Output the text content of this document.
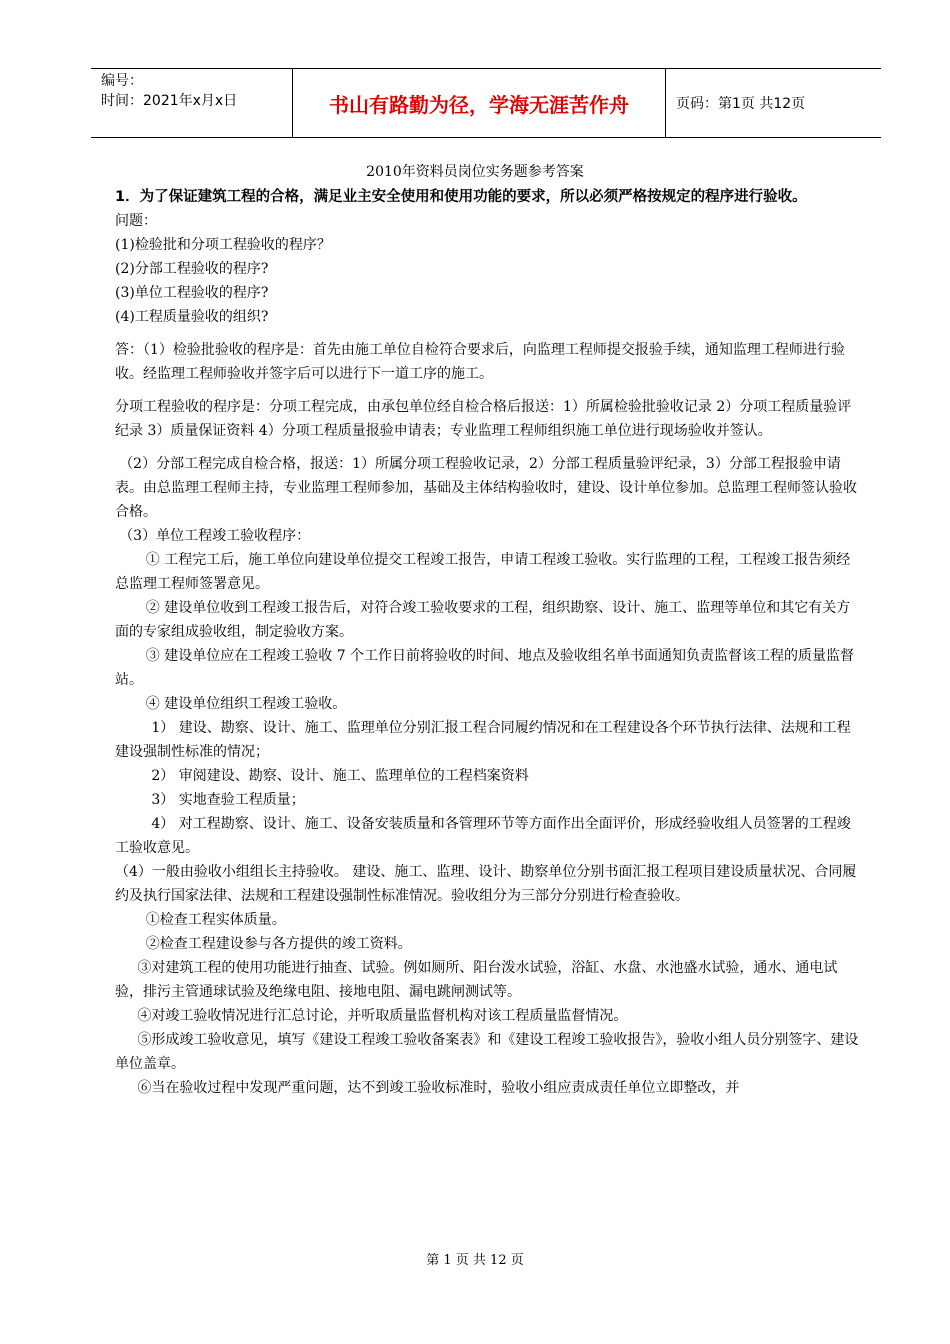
编号：
时间：2021年x月x日	书山有路勤为径，学海无涯苦作舟	页码：第1页 共12页
2010年资料员岗位实务题参考答案

1．为了保证建筑工程的合格，满足业主安全使用和使用功能的要求，所以必须严格按规定的程序进行验收。

问题：

(1)检验批和分项工程验收的程序？

(2)分部工程验收的程序?

(3)单位工程验收的程序?

(4)工程质量验收的组织?

答：（1）检验批验收的程序是：首先由施工单位自检符合要求后，向监理工程师提交报验手续，通知监理工程师进行验收。经监理工程师验收并签字后可以进行下一道工序的施工。

分项工程验收的程序是：分项工程完成，由承包单位经自检合格后报送：1）所属检验批验收记录 2）分项工程质量验评纪录 3）质量保证资料 4）分项工程质量报验申请表；专业监理工程师组织施工单位进行现场验收并签认。

（2）分部工程完成自检合格，报送：1）所属分项工程验收记录，2）分部工程质量验评纪录，3）分部工程报验申请表。由总监理工程师主持，专业监理工程师参加，基础及主体结构验收时，建设、设计单位参加。总监理工程师签认验收合格。

（3）单位工程竣工验收程序：

① 工程完工后，施工单位向建设单位提交工程竣工报告，申请工程竣工验收。实行监理的工程，工程竣工报告须经总监理工程师签署意见。

② 建设单位收到工程竣工报告后，对符合竣工验收要求的工程，组织勘察、设计、施工、监理等单位和其它有关方面的专家组成验收组，制定验收方案。

③ 建设单位应在工程竣工验收 7 个工作日前将验收的时间、地点及验收组名单书面通知负责监督该工程的质量监督站。

④ 建设单位组织工程竣工验收。

1） 建设、勘察、设计、施工、监理单位分别汇报工程合同履约情况和在工程建设各个环节执行法律、法规和工程建设强制性标准的情况；

2） 审阅建设、勘察、设计、施工、监理单位的工程档案资料

3） 实地查验工程质量；

4） 对工程勘察、设计、施工、设备安装质量和各管理环节等方面作出全面评价，形成经验收组人员签署的工程竣工验收意见。

（4）一般由验收小组组长主持验收。 建设、施工、监理、设计、勘察单位分别书面汇报工程项目建设质量状况、合同履约及执行国家法律、法规和工程建设强制性标准情况。验收组分为三部分分别进行检查验收。

①检查工程实体质量。

②检查工程建设参与各方提供的竣工资料。

③对建筑工程的使用功能进行抽查、试验。例如厕所、阳台泼水试验，浴缸、水盘、水池盛水试验，通水、通电试验，排污主管通球试验及绝缘电阻、接地电阻、漏电跳闸测试等。

④对竣工验收情况进行汇总讨论，并听取质量监督机构对该工程质量监督情况。

⑤形成竣工验收意见，填写《建设工程竣工验收备案表》和《建设工程竣工验收报告》，验收小组人员分别签字、建设单位盖章。

⑥当在验收过程中发现严重问题，达不到竣工验收标准时，验收小组应责成责任单位立即整改，并

第 1 页 共 12 页
